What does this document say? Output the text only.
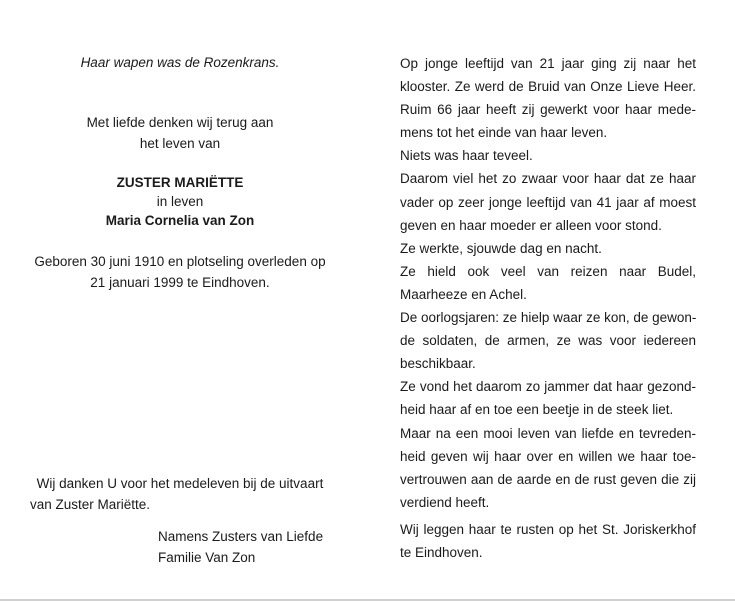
Haar wapen was de Rozenkrans.
Met liefde denken wij terug aan
het leven van
ZUSTER MARIËTTE
in leven
Maria Cornelia van Zon
Geboren 30 juni 1910 en plotseling overleden op
21 januari 1999 te Eindhoven.
Wij danken U voor het medeleven bij de uitvaart
van Zuster Mariëtte.
Namens Zusters van Liefde
Familie Van Zon
Op jonge leeftijd van 21 jaar ging zij naar het
klooster. Ze werd de Bruid van Onze Lieve Heer.
Ruim 66 jaar heeft zij gewerkt voor haar mede-
mens tot het einde van haar leven.
Niets was haar teveel.
Daarom viel het zo zwaar voor haar dat ze haar
vader op zeer jonge leeftijd van 41 jaar af moest
geven en haar moeder er alleen voor stond.
Ze werkte, sjouwde dag en nacht.
Ze hield ook veel van reizen naar Budel,
Maarheeze en Achel.
De oorlogsjaren: ze hielp waar ze kon, de gewon-
de soldaten, de armen, ze was voor iedereen
beschikbaar.
Ze vond het daarom zo jammer dat haar gezond-
heid haar af en toe een beetje in de steek liet.
Maar na een mooi leven van liefde en tevreden-
heid geven wij haar over en willen we haar toe-
vertrouwen aan de aarde en de rust geven die zij
verdiend heeft.
Wij leggen haar te rusten op het St. Joriskerkhof
te Eindhoven.
